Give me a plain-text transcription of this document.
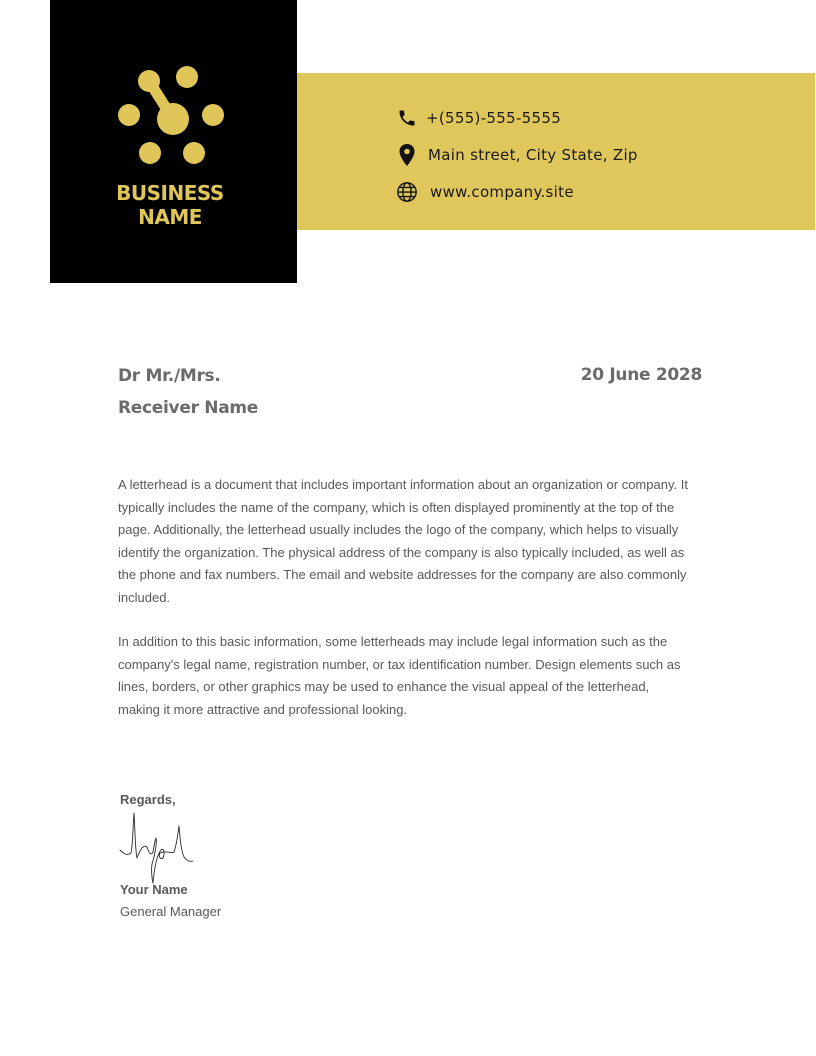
BUSINESS
NAME
+(555)-555-5555
Main street, City State, Zip
www.company.site
Dr Mr./Mrs.
Receiver Name
20 June 2028

A letterhead is a document that includes important information about an organization or company. It typically includes the name of the company, which is often displayed prominently at the top of the page. Additionally, the letterhead usually includes the logo of the company, which helps to visually identify the organization. The physical address of the company is also typically included, as well as the phone and fax numbers. The email and website addresses for the company are also commonly included.

In addition to this basic information, some letterheads may include legal information such as the company's legal name, registration number, or tax identification number. Design elements such as lines, borders, or other graphics may be used to enhance the visual appeal of the letterhead, making it more attractive and professional looking.

Regards,
Your Name
General Manager
